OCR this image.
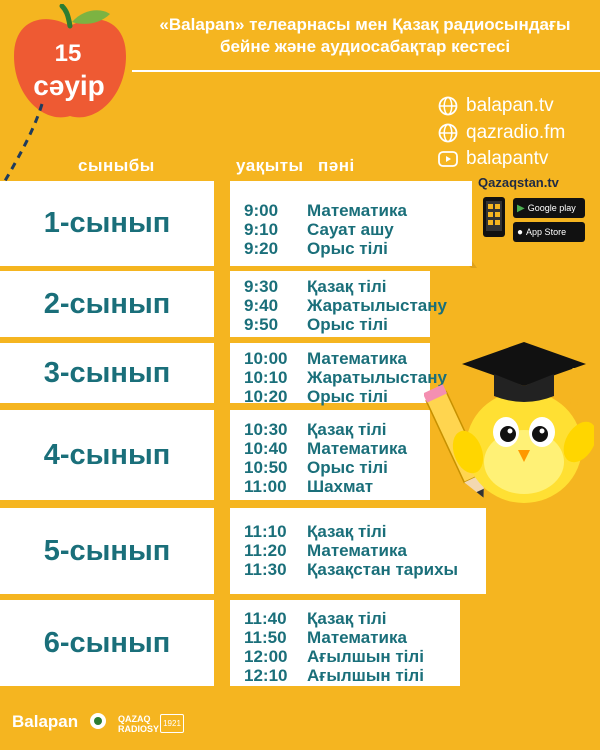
15
сәуір
«Balapan» телеарнасы мен Қазақ радиосындағы
бейне және аудиосабақтар кестесі
balapan.tv
qazradio.fm
balapantv
Qazaqstan.tv
▶ Google play
● App Store
сыныбы	уақыты пәні
1-сынып
2-сынып
3-сынып
4-сынып
5-сынып
6-сынып
9:00 Математика
9:10 Сауат ашу
9:20 Орыс тілі
9:30 Қазақ тілі
9:40 Жаратылыстану
9:50 Орыс тілі
10:00 Математика
10:10 Жаратылыстану
10:20 Орыс тілі
10:30 Қазақ тілі
10:40 Математика
10:50 Орыс тілі
11:00 Шахмат
11:10 Қазақ тілі
11:20 Математика
11:30 Қазақстан тарихы
11:40 Қазақ тілі
11:50 Математика
12:00 Ағылшын тілі
12:10 Ағылшын тілі
Balapan	QAZAQ
RADIOSY
1921
